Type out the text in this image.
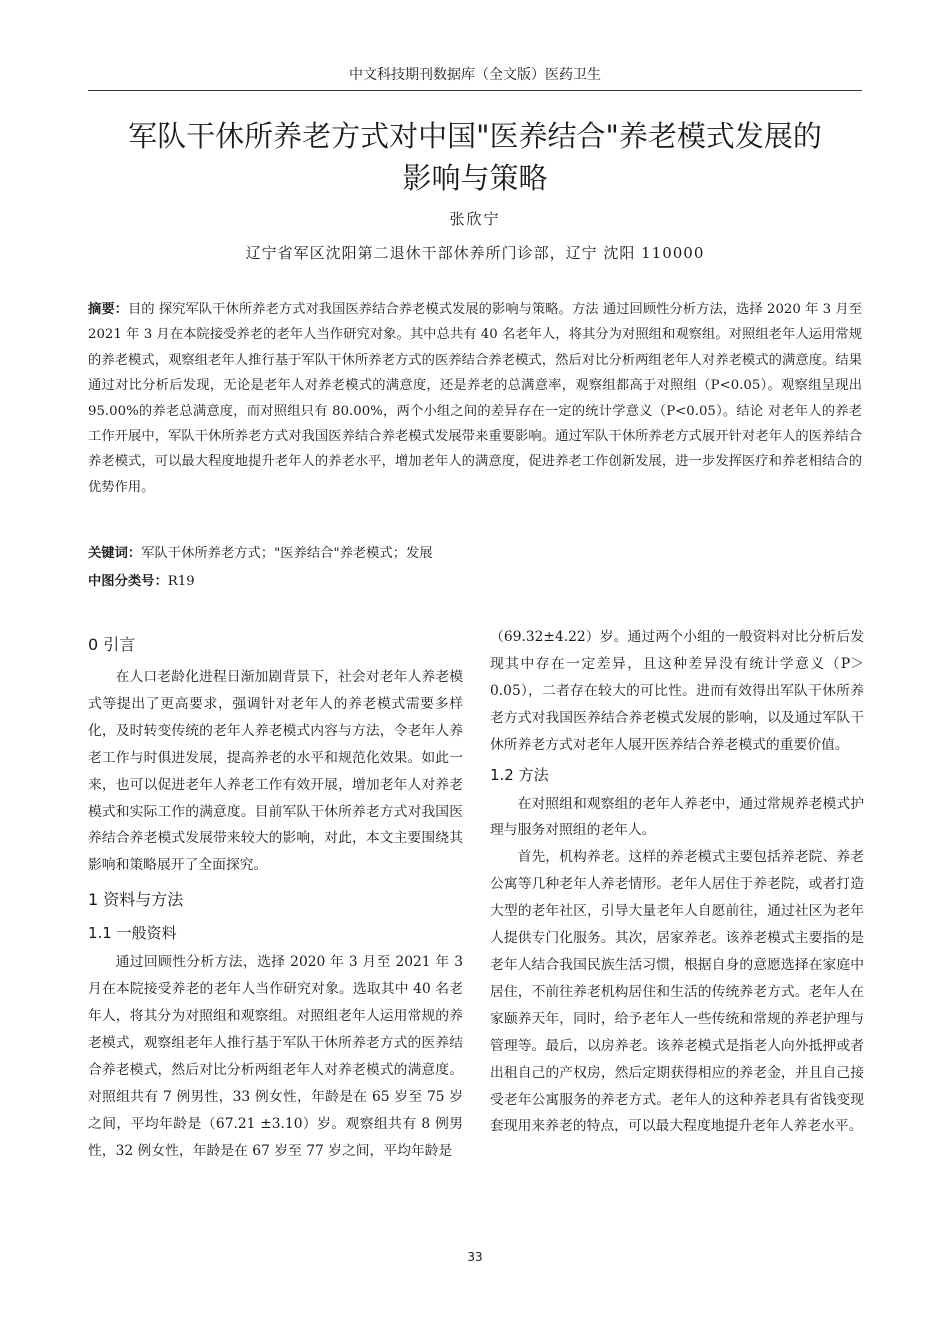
中文科技期刊数据库（全文版）医药卫生
军队干休所养老方式对中国"医养结合"养老模式发展的
影响与策略
张欣宁
辽宁省军区沈阳第二退休干部休养所门诊部，辽宁 沈阳 110000
摘要：目的 探究军队干休所养老方式对我国医养结合养老模式发展的影响与策略。方法 通过回顾性分析方法，选择 2020 年 3 月至 2021 年 3 月在本院接受养老的老年人当作研究对象。其中总共有 40 名老年人，将其分为对照组和观察组。对照组老年人运用常规的养老模式，观察组老年人推行基于军队干休所养老方式的医养结合养老模式，然后对比分析两组老年人对养老模式的满意度。结果 通过对比分析后发现，无论是老年人对养老模式的满意度，还是养老的总满意率，观察组都高于对照组（P<0.05）。观察组呈现出 95.00%的养老总满意度，而对照组只有 80.00%，两个小组之间的差异存在一定的统计学意义（P<0.05）。结论 对老年人的养老工作开展中，军队干休所养老方式对我国医养结合养老模式发展带来重要影响。通过军队干休所养老方式展开针对老年人的医养结合养老模式，可以最大程度地提升老年人的养老水平，增加老年人的满意度，促进养老工作创新发展，进一步发挥医疗和养老相结合的优势作用。
关键词：军队干休所养老方式；"医养结合"养老模式；发展
中图分类号：R19
0 引言

在人口老龄化进程日渐加剧背景下，社会对老年人养老模式等提出了更高要求，强调针对老年人的养老模式需要多样化，及时转变传统的老年人养老模式内容与方法，令老年人养老工作与时俱进发展，提高养老的水平和规范化效果。如此一来，也可以促进老年人养老工作有效开展，增加老年人对养老模式和实际工作的满意度。目前军队干休所养老方式对我国医养结合养老模式发展带来较大的影响，对此，本文主要围绕其影响和策略展开了全面探究。

1 资料与方法
1.1 一般资料

通过回顾性分析方法，选择 2020 年 3 月至 2021 年 3 月在本院接受养老的老年人当作研究对象。选取其中 40 名老年人，将其分为对照组和观察组。对照组老年人运用常规的养老模式，观察组老年人推行基于军队干休所养老方式的医养结合养老模式，然后对比分析两组老年人对养老模式的满意度。对照组共有 7 例男性，33 例女性，年龄是在 65 岁至 75 岁之间，平均年龄是（67.21 ±3.10）岁。观察组共有 8 例男性，32 例女性，年龄是在 67 岁至 77 岁之间，平均年龄是

（69.32±4.22）岁。通过两个小组的一般资料对比分析后发现其中存在一定差异，且这种差异没有统计学意义（P＞0.05），二者存在较大的可比性。进而有效得出军队干休所养老方式对我国医养结合养老模式发展的影响，以及通过军队干休所养老方式对老年人展开医养结合养老模式的重要价值。

1.2 方法

在对照组和观察组的老年人养老中，通过常规养老模式护理与服务对照组的老年人。

首先，机构养老。这样的养老模式主要包括养老院、养老公寓等几种老年人养老情形。老年人居住于养老院，或者打造大型的老年社区，引导大量老年人自愿前往，通过社区为老年人提供专门化服务。其次，居家养老。该养老模式主要指的是老年人结合我国民族生活习惯，根据自身的意愿选择在家庭中居住，不前往养老机构居住和生活的传统养老方式。老年人在家颐养天年，同时，给予老年人一些传统和常规的养老护理与管理等。最后，以房养老。该养老模式是指老人向外抵押或者出租自己的产权房，然后定期获得相应的养老金，并且自己接受老年公寓服务的养老方式。老年人的这种养老具有省钱变现套现用来养老的特点，可以最大程度地提升老年人养老水平。

33
